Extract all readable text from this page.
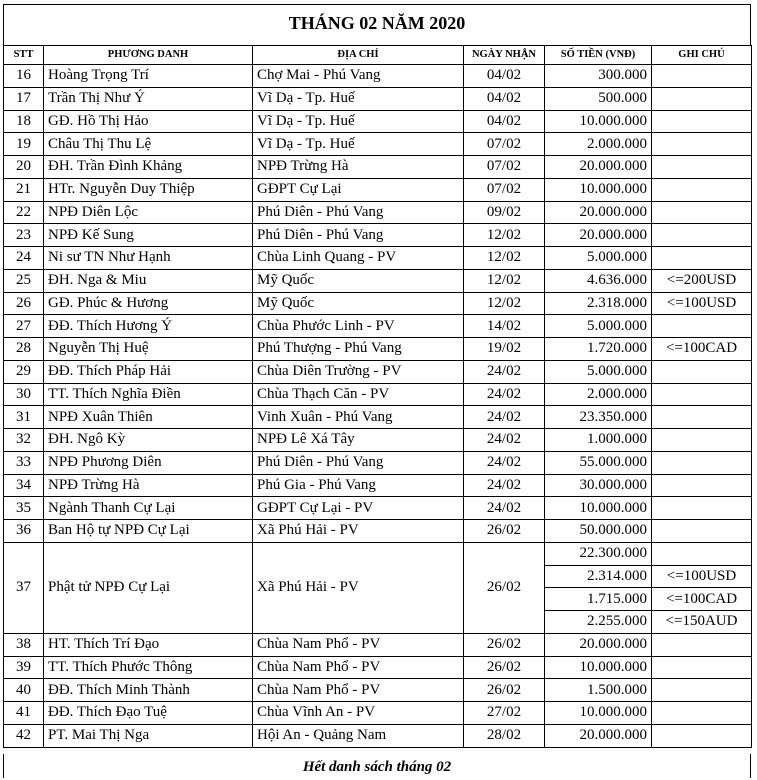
THÁNG 02 NĂM 2020
STT	PHƯƠNG DANH	ĐỊA CHỈ	NGÀY NHẬN	SỐ TIỀN (VNĐ)	GHI CHÚ
16	Hoàng Trọng Trí	Chợ Mai - Phú Vang	04/02	300.000	
17	Trần Thị Như Ý	Vĩ Dạ - Tp. Huế	04/02	500.000	
18	GĐ. Hồ Thị Hảo	Vĩ Dạ - Tp. Huế	04/02	10.000.000	
19	Châu Thị Thu Lệ	Vĩ Dạ - Tp. Huế	07/02	2.000.000	
20	ĐH. Trần Đình Khảng	NPĐ Trừng Hà	07/02	20.000.000	
21	HTr. Nguyễn Duy Thiệp	GĐPT Cự Lại	07/02	10.000.000	
22	NPĐ Diên Lộc	Phú Diên - Phú Vang	09/02	20.000.000	
23	NPĐ Kế Sung	Phú Diên - Phú Vang	12/02	20.000.000	
24	Ni sư TN Như Hạnh	Chùa Linh Quang - PV	12/02	5.000.000	
25	ĐH. Nga & Miu	Mỹ Quốc	12/02	4.636.000	<=200USD
26	GĐ. Phúc & Hương	Mỹ Quốc	12/02	2.318.000	<=100USD
27	ĐĐ. Thích Hương Ý	Chùa Phước Linh - PV	14/02	5.000.000	
28	Nguyễn Thị Huệ	Phú Thượng - Phú Vang	19/02	1.720.000	<=100CAD
29	ĐĐ. Thích Pháp Hải	Chùa Diên Trường - PV	24/02	5.000.000	
30	TT. Thích Nghĩa Điền	Chùa Thạch Căn - PV	24/02	2.000.000	
31	NPĐ Xuân Thiên	Vinh Xuân - Phú Vang	24/02	23.350.000	
32	ĐH. Ngô Kỳ	NPĐ Lê Xá Tây	24/02	1.000.000	
33	NPĐ Phương Diên	Phú Diên - Phú Vang	24/02	55.000.000	
34	NPĐ Trừng Hà	Phú Gia - Phú Vang	24/02	30.000.000	
35	Ngành Thanh Cự Lại	GĐPT Cự Lại - PV	24/02	10.000.000	
36	Ban Hộ tự NPĐ Cự Lại	Xã Phú Hải - PV	26/02	50.000.000	
37	Phật tử NPĐ Cự Lại	Xã Phú Hải - PV	26/02	22.300.000	
				2.314.000	<=100USD
				1.715.000	<=100CAD
				2.255.000	<=150AUD
38	HT. Thích Trí Đạo	Chùa Nam Phổ - PV	26/02	20.000.000	
39	TT. Thích Phước Thông	Chùa Nam Phổ - PV	26/02	10.000.000	
40	ĐĐ. Thích Minh Thành	Chùa Nam Phổ - PV	26/02	1.500.000	
41	ĐĐ. Thích Đạo Tuệ	Chùa Vĩnh An - PV	27/02	10.000.000	
42	PT. Mai Thị Nga	Hội An - Quảng Nam	28/02	20.000.000	
Hết danh sách tháng 02
